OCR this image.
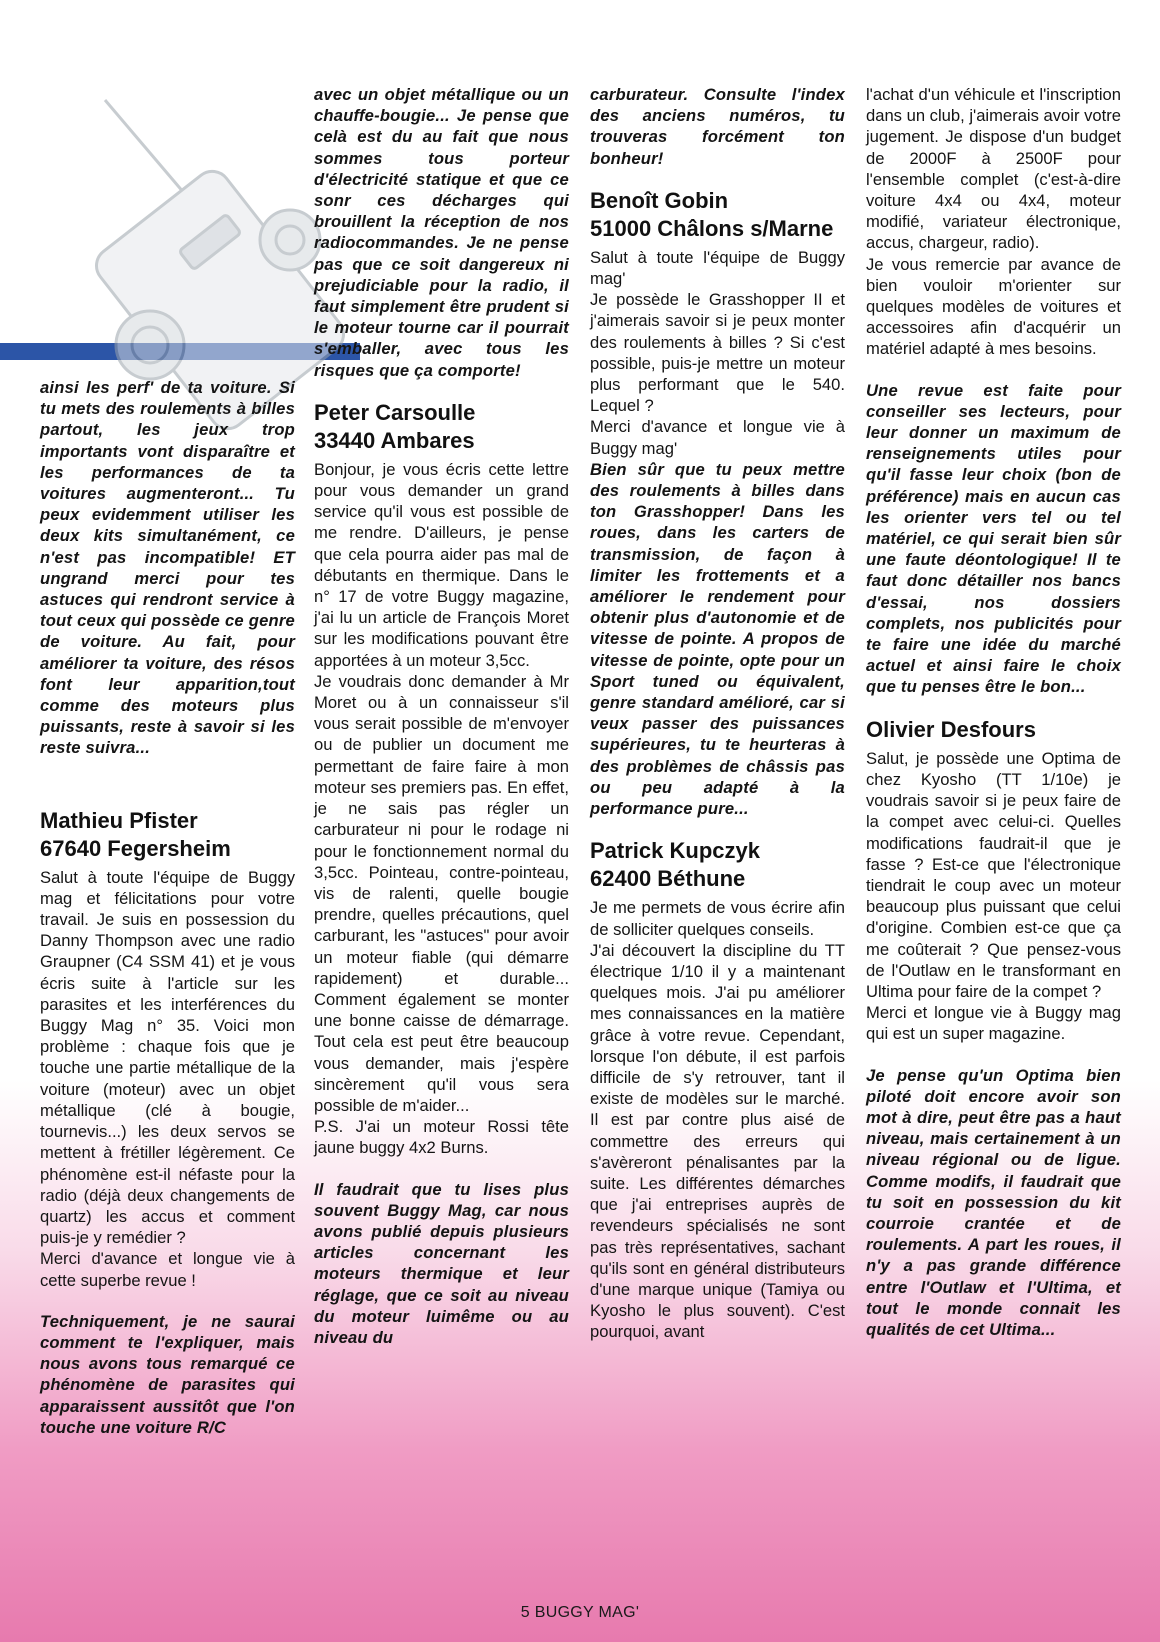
ainsi les perf' de ta voiture. Si tu mets des roulements à billes partout, les jeux trop importants vont disparaître et les performances de ta voitures augmenteront... Tu peux evidemment utiliser les deux kits simultanément, ce n'est pas incompatible! ET ungrand merci pour tes astuces qui rendront service à tout ceux qui possède ce genre de voiture. Au fait, pour améliorer ta voiture, des résos font leur apparition,tout comme des moteurs plus puissants, reste à savoir si les reste suivra...

Mathieu Pfister
67640 Fegersheim

Salut à toute l'équipe de Buggy mag et félicitations pour votre travail. Je suis en possession du Danny Thompson avec une radio Graupner (C4 SSM 41) et je vous écris suite à l'article sur les parasites et les interférences du Buggy Mag n° 35. Voici mon problème : chaque fois que je touche une partie métallique de la voiture (moteur) avec un objet métallique (clé à bougie, tournevis...) les deux servos se mettent à frétiller légèrement. Ce phénomène est-il néfaste pour la radio (déjà deux changements de quartz) les accus et comment puis-je y remédier ?

Merci d'avance et longue vie à cette superbe revue !

Techniquement, je ne saurai comment te l'expliquer, mais nous avons tous remarqué ce phénomène de parasites qui apparaissent aussitôt que l'on touche une voiture R/C

avec un objet métallique ou un chauffe-bougie... Je pense que celà est du au fait que nous sommes tous porteur d'électricité statique et que ce sonr ces décharges qui brouillent la réception de nos radiocommandes. Je ne pense pas que ce soit dangereux ni prejudiciable pour la radio, il faut simplement être prudent si le moteur tourne car il pourrait s'emballer, avec tous les risques que ça comporte!

Peter Carsoulle
33440 Ambares

Bonjour, je vous écris cette lettre pour vous demander un grand service qu'il vous est possible de me rendre. D'ailleurs, je pense que cela pourra aider pas mal de débutants en thermique. Dans le n° 17 de votre Buggy magazine, j'ai lu un article de François Moret sur les modifications pouvant être apportées à un moteur 3,5cc.

Je voudrais donc demander à Mr Moret ou à un connaisseur s'il vous serait possible de m'envoyer ou de publier un document me permettant de faire faire à mon moteur ses premiers pas. En effet, je ne sais pas régler un carburateur ni pour le rodage ni pour le fonctionnement normal du 3,5cc. Pointeau, contre-pointeau, vis de ralenti, quelle bougie prendre, quelles précautions, quel carburant, les "astuces" pour avoir un moteur fiable (qui démarre rapidement) et durable... Comment également se monter une bonne caisse de démarrage. Tout cela est peut être beaucoup vous demander, mais j'espère sincèrement qu'il vous sera possible de m'aider...

P.S. J'ai un moteur Rossi tête jaune buggy 4x2 Burns.

Il faudrait que tu lises plus souvent Buggy Mag, car nous avons publié depuis plusieurs articles concernant les moteurs thermique et leur réglage, que ce soit au niveau du moteur luimême ou au niveau du

carburateur. Consulte l'index des anciens numéros, tu trouveras forcément ton bonheur!

Benoît Gobin
51000 Châlons s/Marne

Salut à toute l'équipe de Buggy mag'

Je possède le Grasshopper II et j'aimerais savoir si je peux monter des roulements à billes ? Si c'est possible, puis-je mettre un moteur plus performant que le 540. Lequel ?

Merci d'avance et longue vie à Buggy mag'

Bien sûr que tu peux mettre des roulements à billes dans ton Grasshopper! Dans les roues, dans les carters de transmission, de façon à limiter les frottements et a améliorer le rendement pour obtenir plus d'autonomie et de vitesse de pointe. A propos de vitesse de pointe, opte pour un Sport tuned ou équivalent, genre standard amélioré, car si veux passer des puissances supérieures, tu te heurteras à des problèmes de châssis pas ou peu adapté à la performance pure...

Patrick Kupczyk
62400 Béthune

Je me permets de vous écrire afin de solliciter quelques conseils.

J'ai découvert la discipline du TT électrique 1/10 il y a maintenant quelques mois. J'ai pu améliorer mes connaissances en la matière grâce à votre revue. Cependant, lorsque l'on débute, il est parfois difficile de s'y retrouver, tant il existe de modèles sur le marché. Il est par contre plus aisé de commettre des erreurs qui s'avèreront pénalisantes par la suite. Les différentes démarches que j'ai entreprises auprès de revendeurs spécialisés ne sont pas très représentatives, sachant qu'ils sont en général distributeurs d'une marque unique (Tamiya ou Kyosho le plus souvent). C'est pourquoi, avant

l'achat d'un véhicule et l'inscription dans un club, j'aimerais avoir votre jugement. Je dispose d'un budget de 2000F à 2500F pour l'ensemble complet (c'est-à-dire voiture 4x4 ou 4x4, moteur modifié, variateur électronique, accus, chargeur, radio).

Je vous remercie par avance de bien vouloir m'orienter sur quelques modèles de voitures et accessoires afin d'acquérir un matériel adapté à mes besoins.

Une revue est faite pour conseiller ses lecteurs, pour leur donner un maximum de renseignements utiles pour qu'il fasse leur choix (bon de préférence) mais en aucun cas les orienter vers tel ou tel matériel, ce qui serait bien sûr une faute déontologique! Il te faut donc détailler nos bancs d'essai, nos dossiers complets, nos publicités pour te faire une idée du marché actuel et ainsi faire le choix que tu penses être le bon...

Olivier Desfours

Salut, je possède une Optima de chez Kyosho (TT 1/10e) je voudrais savoir si je peux faire de la compet avec celui-ci. Quelles modifications faudrait-il que je fasse ? Est-ce que l'électronique tiendrait le coup avec un moteur beaucoup plus puissant que celui d'origine. Combien est-ce que ça me coûterait ? Que pensez-vous de l'Outlaw en le transformant en Ultima pour faire de la compet ?

Merci et longue vie à Buggy mag qui est un super magazine.

Je pense qu'un Optima bien piloté doit encore avoir son mot à dire, peut être pas a haut niveau, mais certainement à un niveau régional ou de ligue. Comme modifs, il faudrait que tu soit en possession du kit courroie crantée et de roulements. A part les roues, il n'y a pas grande différence entre l'Outlaw et l'Ultima, et tout le monde connait les qualités de cet Ultima...

5 BUGGY MAG'
